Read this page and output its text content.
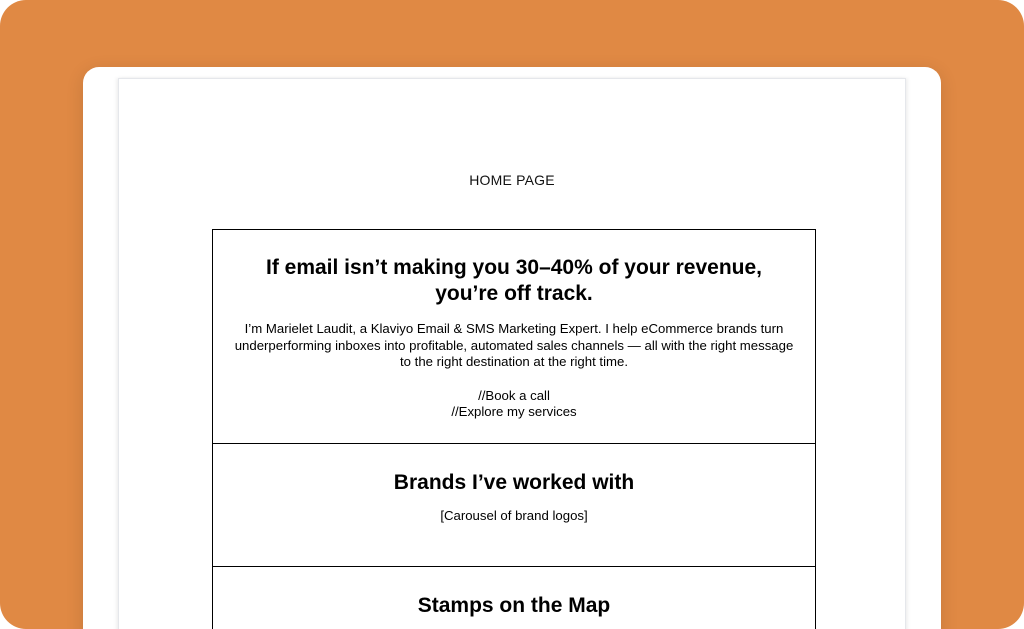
HOME PAGE
If email isn’t making you 30–40% of your revenue, you’re off track.
I’m Marielet Laudit, a Klaviyo Email & SMS Marketing Expert. I help eCommerce brands turn underperforming inboxes into profitable, automated sales channels — all with the right message to the right destination at the right time.
//Book a call
//Explore my services
Brands I’ve worked with
[Carousel of brand logos]
Stamps on the Map
